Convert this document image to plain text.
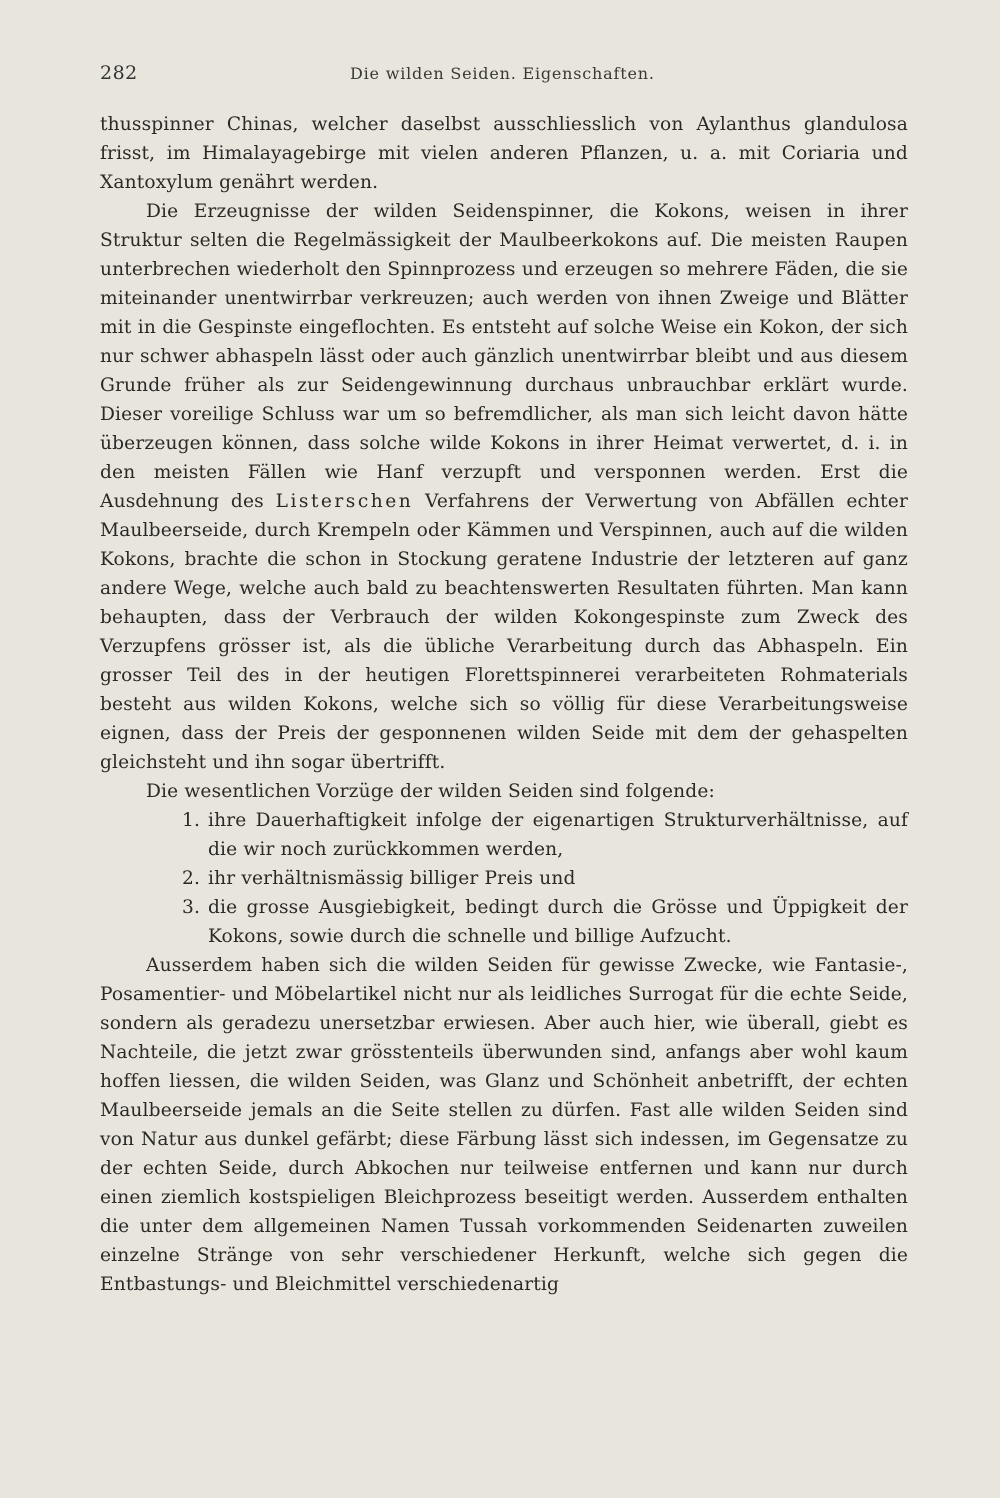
282	Die wilden Seiden. Eigenschaften.

thusspinner Chinas, welcher daselbst ausschliesslich von Aylanthus glandulosa frisst, im Himalayagebirge mit vielen anderen Pflanzen, u. a. mit Coriaria und Xantoxylum genährt werden.

Die Erzeugnisse der wilden Seidenspinner, die Kokons, weisen in ihrer Struktur selten die Regelmässigkeit der Maulbeerkokons auf. Die meisten Raupen unterbrechen wiederholt den Spinnprozess und erzeugen so mehrere Fäden, die sie miteinander unentwirrbar verkreuzen; auch werden von ihnen Zweige und Blätter mit in die Gespinste eingeflochten. Es entsteht auf solche Weise ein Kokon, der sich nur schwer abhaspeln lässt oder auch gänzlich unentwirrbar bleibt und aus diesem Grunde früher als zur Seidengewinnung durchaus unbrauchbar erklärt wurde. Dieser voreilige Schluss war um so befremdlicher, als man sich leicht davon hätte überzeugen können, dass solche wilde Kokons in ihrer Heimat verwertet, d. i. in den meisten Fällen wie Hanf verzupft und versponnen werden. Erst die Ausdehnung des Listerschen Verfahrens der Verwertung von Abfällen echter Maulbeerseide, durch Krempeln oder Kämmen und Verspinnen, auch auf die wilden Kokons, brachte die schon in Stockung geratene Industrie der letzteren auf ganz andere Wege, welche auch bald zu beachtenswerten Resultaten führten. Man kann behaupten, dass der Verbrauch der wilden Kokongespinste zum Zweck des Verzupfens grösser ist, als die übliche Verarbeitung durch das Abhaspeln. Ein grosser Teil des in der heutigen Florettspinnerei verarbeiteten Rohmaterials besteht aus wilden Kokons, welche sich so völlig für diese Verarbeitungsweise eignen, dass der Preis der gesponnenen wilden Seide mit dem der gehaspelten gleichsteht und ihn sogar übertrifft.

Die wesentlichen Vorzüge der wilden Seiden sind folgende:

1. ihre Dauerhaftigkeit infolge der eigenartigen Strukturverhältnisse, auf die wir noch zurückkommen werden,
2. ihr verhältnismässig billiger Preis und
3. die grosse Ausgiebigkeit, bedingt durch die Grösse und Üppigkeit der Kokons, sowie durch die schnelle und billige Aufzucht.

Ausserdem haben sich die wilden Seiden für gewisse Zwecke, wie Fantasie-, Posamentier- und Möbelartikel nicht nur als leidliches Surrogat für die echte Seide, sondern als geradezu unersetzbar erwiesen. Aber auch hier, wie überall, giebt es Nachteile, die jetzt zwar grösstenteils überwunden sind, anfangs aber wohl kaum hoffen liessen, die wilden Seiden, was Glanz und Schönheit anbetrifft, der echten Maulbeerseide jemals an die Seite stellen zu dürfen. Fast alle wilden Seiden sind von Natur aus dunkel gefärbt; diese Färbung lässt sich indessen, im Gegensatze zu der echten Seide, durch Abkochen nur teilweise entfernen und kann nur durch einen ziemlich kostspieligen Bleichprozess beseitigt werden. Ausserdem enthalten die unter dem allgemeinen Namen Tussah vorkommenden Seidenarten zuweilen einzelne Stränge von sehr verschiedener Herkunft, welche sich gegen die Entbastungs- und Bleichmittel verschiedenartig
